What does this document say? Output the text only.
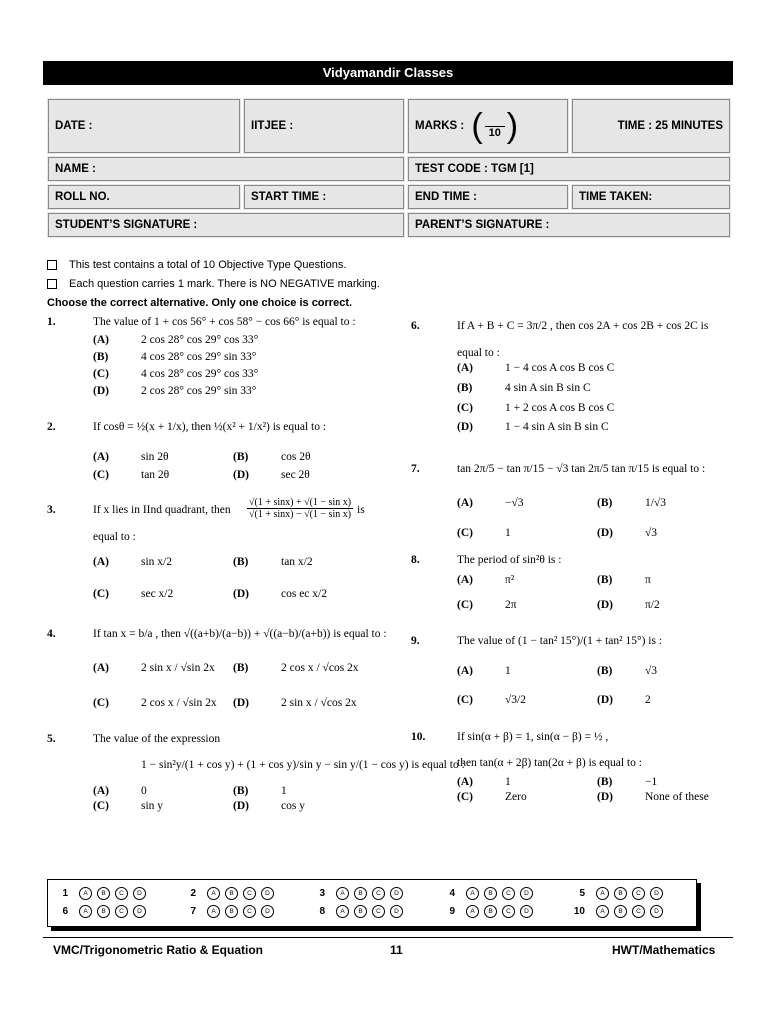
Vidyamandir Classes
DATE :	IITJEE :	MARKS : ( 10 )	TIME : 25 MINUTES
NAME :		TEST CODE : TGM [1]	
ROLL NO.	START TIME :	END TIME :	TIME TAKEN:
STUDENT’S SIGNATURE :		PARENT’S SIGNATURE :	
This test contains a total of 10 Objective Type Questions.
Each question carries 1 mark. There is NO NEGATIVE marking.
Choose the correct alternative. Only one choice is correct.
1.	The value of 1 + cos 56° + cos 58° − cos 66° is equal to :
(A)	2 cos 28° cos 29° cos 33°
(B)	4 cos 28° cos 29° sin 33°
(C)	4 cos 28° cos 29° cos 33°
(D)	2 cos 28° cos 29° sin 33°
2.	If cosθ = ½(x + 1/x), then ½(x² + 1/x²) is equal to :
(A)	sin 2θ	(B)	cos 2θ
(C)	tan 2θ	(D)	sec 2θ
3.	If x lies in IInd quadrant, then
√(1 + sinx) + √(1 − sin x)
√(1 + sinx) − √(1 − sin x) is
equal to :
(A)	sin x/2	(B)	tan x/2
(C)	sec x/2	(D)	cos ec x/2
4.	If tan x = b/a , then √((a+b)/(a−b)) + √((a−b)/(a+b)) is equal to :
(A)	2 sin x / √sin 2x (B)	2 cos x / √cos 2x
(C)	2 cos x / √sin 2x (D)	2 sin x / √cos 2x
5.	The value of the expression
1 − sin²y/(1 + cos y) + (1 + cos y)/sin y − sin y/(1 − cos y) is equal to :
(A)	0	(B)	1
(C)	sin y	(D)	cos y
6.	If A + B + C = 3π/2 , then cos 2A + cos 2B + cos 2C is
equal to :
(A)	1 − 4 cos A cos B cos C
(B)	4 sin A sin B sin C
(C)	1 + 2 cos A cos B cos C
(D)	1 − 4 sin A sin B sin C
7.	tan 2π/5 − tan π/15 − √3 tan 2π/5 tan π/15 is equal to :
(A)	−√3	(B)	1/√3
(C)	1	(D)	√3
8.	The period of sin²θ is :
(A)	π²	(B)	π
(C)	2π	(D)	π/2
9.	The value of (1 − tan² 15°)/(1 + tan² 15°) is :
(A)	1	(B)	√3
(C)	√3/2	(D)	2
10.	If sin(α + β) = 1, sin(α − β) = ½ ,
then tan(α + 2β) tan(2α + β) is equal to :
(A)	1	(B)	−1
(C)	Zero	(D)	None of these
1	A	B	C	D	2	A	B	C	D	3	A	B	C	D	4	A	B	C	D	5	A	B	C	D
6	A	B	C	D	7	A	B	C	D	8	A	B	C	D	9	A	B	C	D	10	A	B	C	D
VMC/Trigonometric Ratio & Equation	11	HWT/Mathematics
